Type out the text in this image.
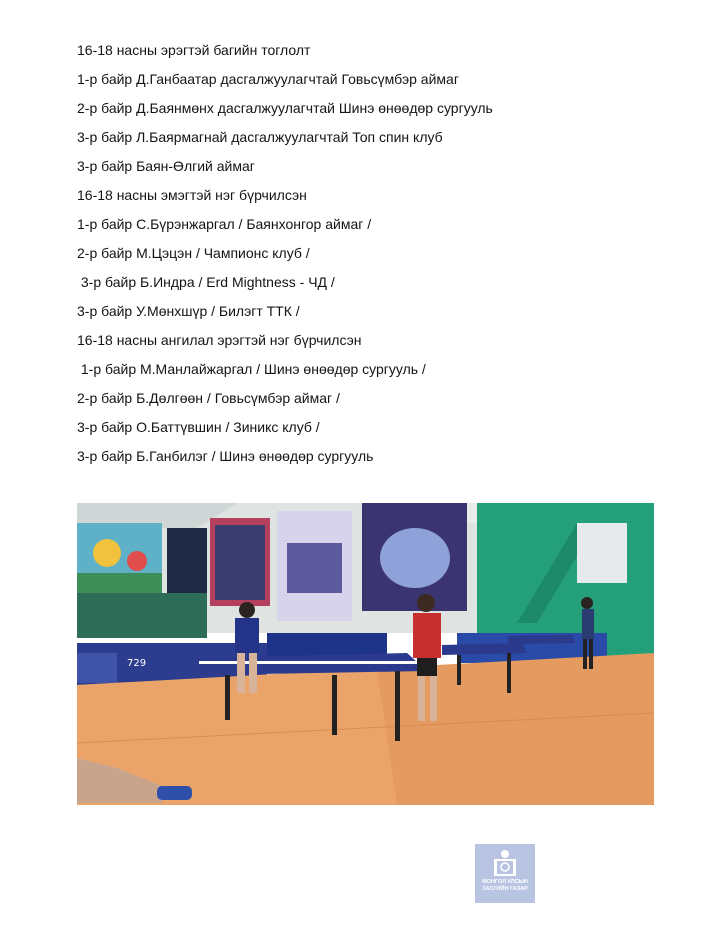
16-18 насны эрэгтэй багийн тоглолт
1-р байр Д.Ганбаатар дасгалжуулагчтай Говьсүмбэр аймаг
2-р байр Д.Баянмөнх дасгалжуулагчтай Шинэ өнөөдөр сургууль
3-р байр Л.Баярмагнай дасгалжуулагчтай Топ спин клуб
3-р байр Баян-Өлгий аймаг
16-18 насны эмэгтэй нэг бүрчилсэн
1-р байр С.Бүрэнжаргал / Баянхонгор аймаг /
2-р байр М.Цэцэн / Чампионс клуб /
3-р байр Б.Индра / Erd Mightness - ЧД /
3-р байр У.Мөнхшүр / Билэгт ТТК /
16-18 насны ангилал эрэгтэй нэг бүрчилсэн
1-р байр М.Манлайжаргал / Шинэ өнөөдөр сургууль /
2-р байр Б.Дөлгөөн / Говьсүмбэр аймаг /
3-р байр О.Баттүвшин / Зиникс клуб /
3-р байр Б.Ганбилэг / Шинэ өнөөдөр сургууль
729
МОНГОЛ УЛСЫН
ЗАСГИЙН ГАЗАР
